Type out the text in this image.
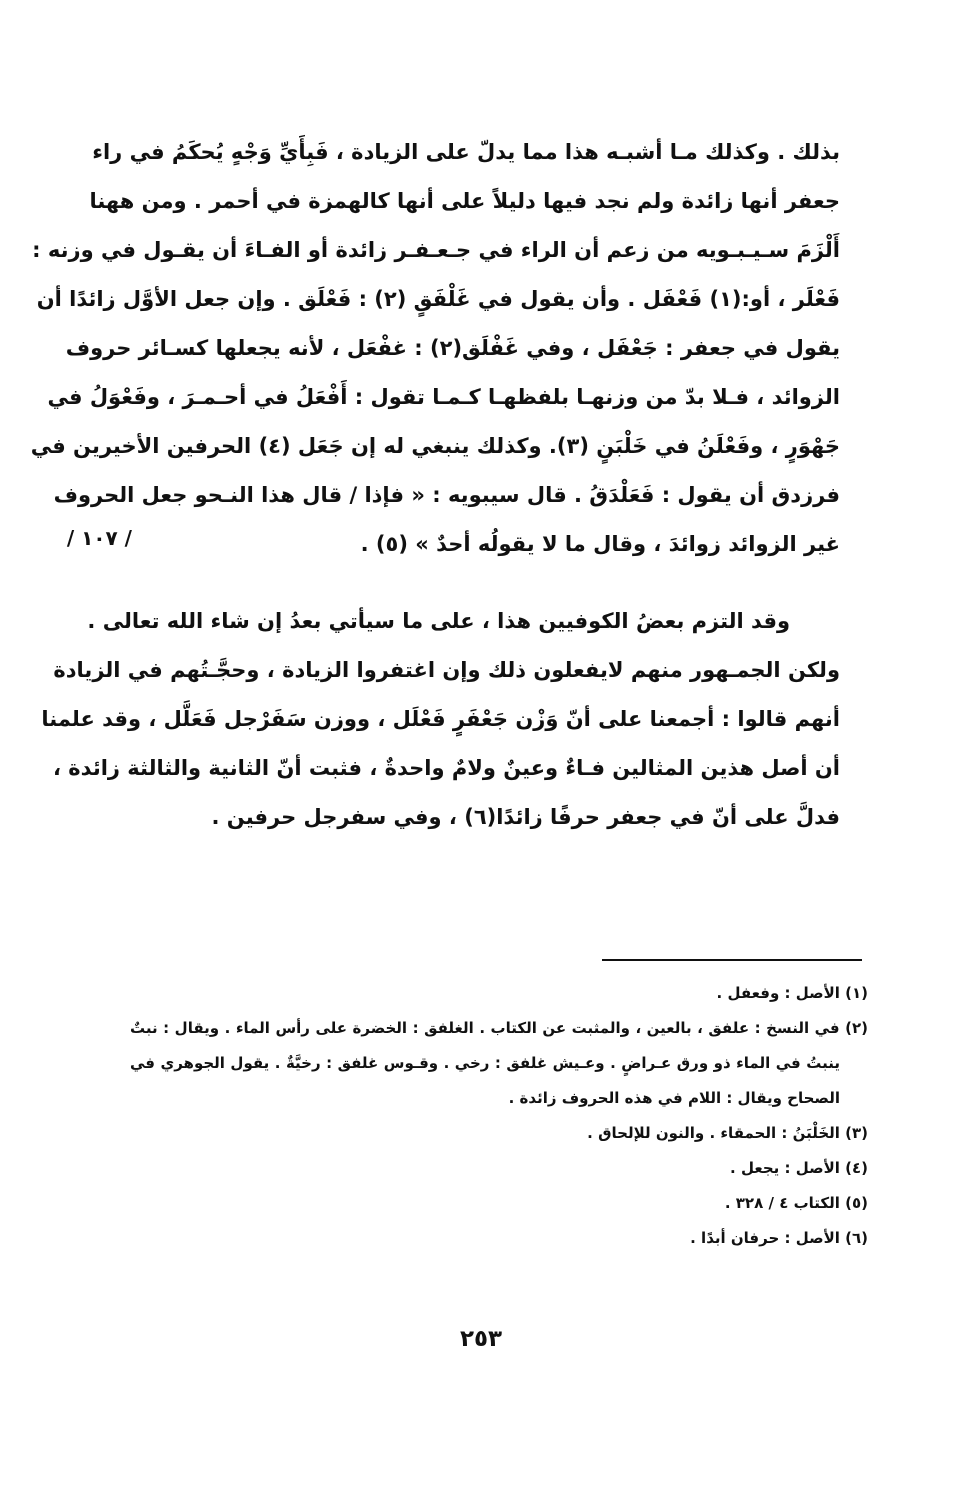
بذلك . وكذلك مـا أشبـه هذا مما يدلّ على الزيادة ، فَبِأَيِّ وَجْهٍ يُحكَمُ في راء
جعفر أنها زائدة ولم نجد فيها دليلاً على أنها كالهمزة في أحمر . ومن ههنا
أَلْزَمَ سـيـبـويه من زعم أن الراء في جـعـفـر زائدة أو الفـاءَ أن يقـول في وزنه :
فَعْلَر ، أو:(١) فَعْفَل . وأن يقول في غَلْفَقٍ (٢) : فَعْلَق . وإن جعل الأوَّل زائدًا أن
يقول في جعفر : جَعْفَل ، وفي غَفْلَق(٢) : غفْعَل ، لأنه يجعلها كسـائر حروف
الزوائد ، فـلا بدّ من وزنهـا بلفظهـا كـمـا تقول : أَفْعَلُ في أحـمـرَ ، وفَعْوَلُ في
جَهْوَرٍ ، وفَعْلَنُ في خَلْبَنٍ (٣). وكذلك ينبغي له إن جَعَل (٤) الحرفين الأخيرين في
فرزدق أن يقول : فَعَلْدَقُ . قال سيبويه : « فإذا / قال هذا النـحو جعل الحروف
غير الزوائد زوائدَ ، وقال ما لا يقولُه أحدٌ » (٥) .
وقد التزم بعضُ الكوفيين هذا ، على ما سيأتي بعدُ إن شاء الله تعالى .
ولكن الجمـهور منهم لايفعلون ذلك وإن اغتفروا الزيادة ، وحجَّـتُهم في الزيادة
أنهم قالوا : أجمعنا على أنّ وَزْن جَعْفَرٍ فَعْلَل ، ووزن سَفَرْجل فَعَلَّل ، وقد علمنا
أن أصل هذين المثالين فـاءٌ وعينٌ ولامٌ واحدةٌ ، فثبت أنّ الثانية والثالثة زائدة ،
فدلَّ على أنّ في جعفر حرفًا زائدًا(٦) ، وفي سفرجل حرفين .
/ ١٠٧ /
(١) الأصل : وفعفل .
(٢) في النسخ : علفق ، بالعين ، والمثبت عن الكتاب . الغلفق : الخضرة على رأس الماء . ويقال : نبتٌ
ينبتُ في الماء ذو ورق عـراضٍ . وعـيش غلفق : رخي . وقـوس غلفق : رخيَّةٌ . يقول الجوهري في
الصحاح ويقال : اللام في هذه الحروف زائدة .
(٣) الخَلْبَنُ : الحمقاء . والنون للإلحاق .
(٤) الأصل : يجعل .
(٥) الكتاب ٤ / ٣٢٨ .
(٦) الأصل : حرفان أبدًا .
٢٥٣
